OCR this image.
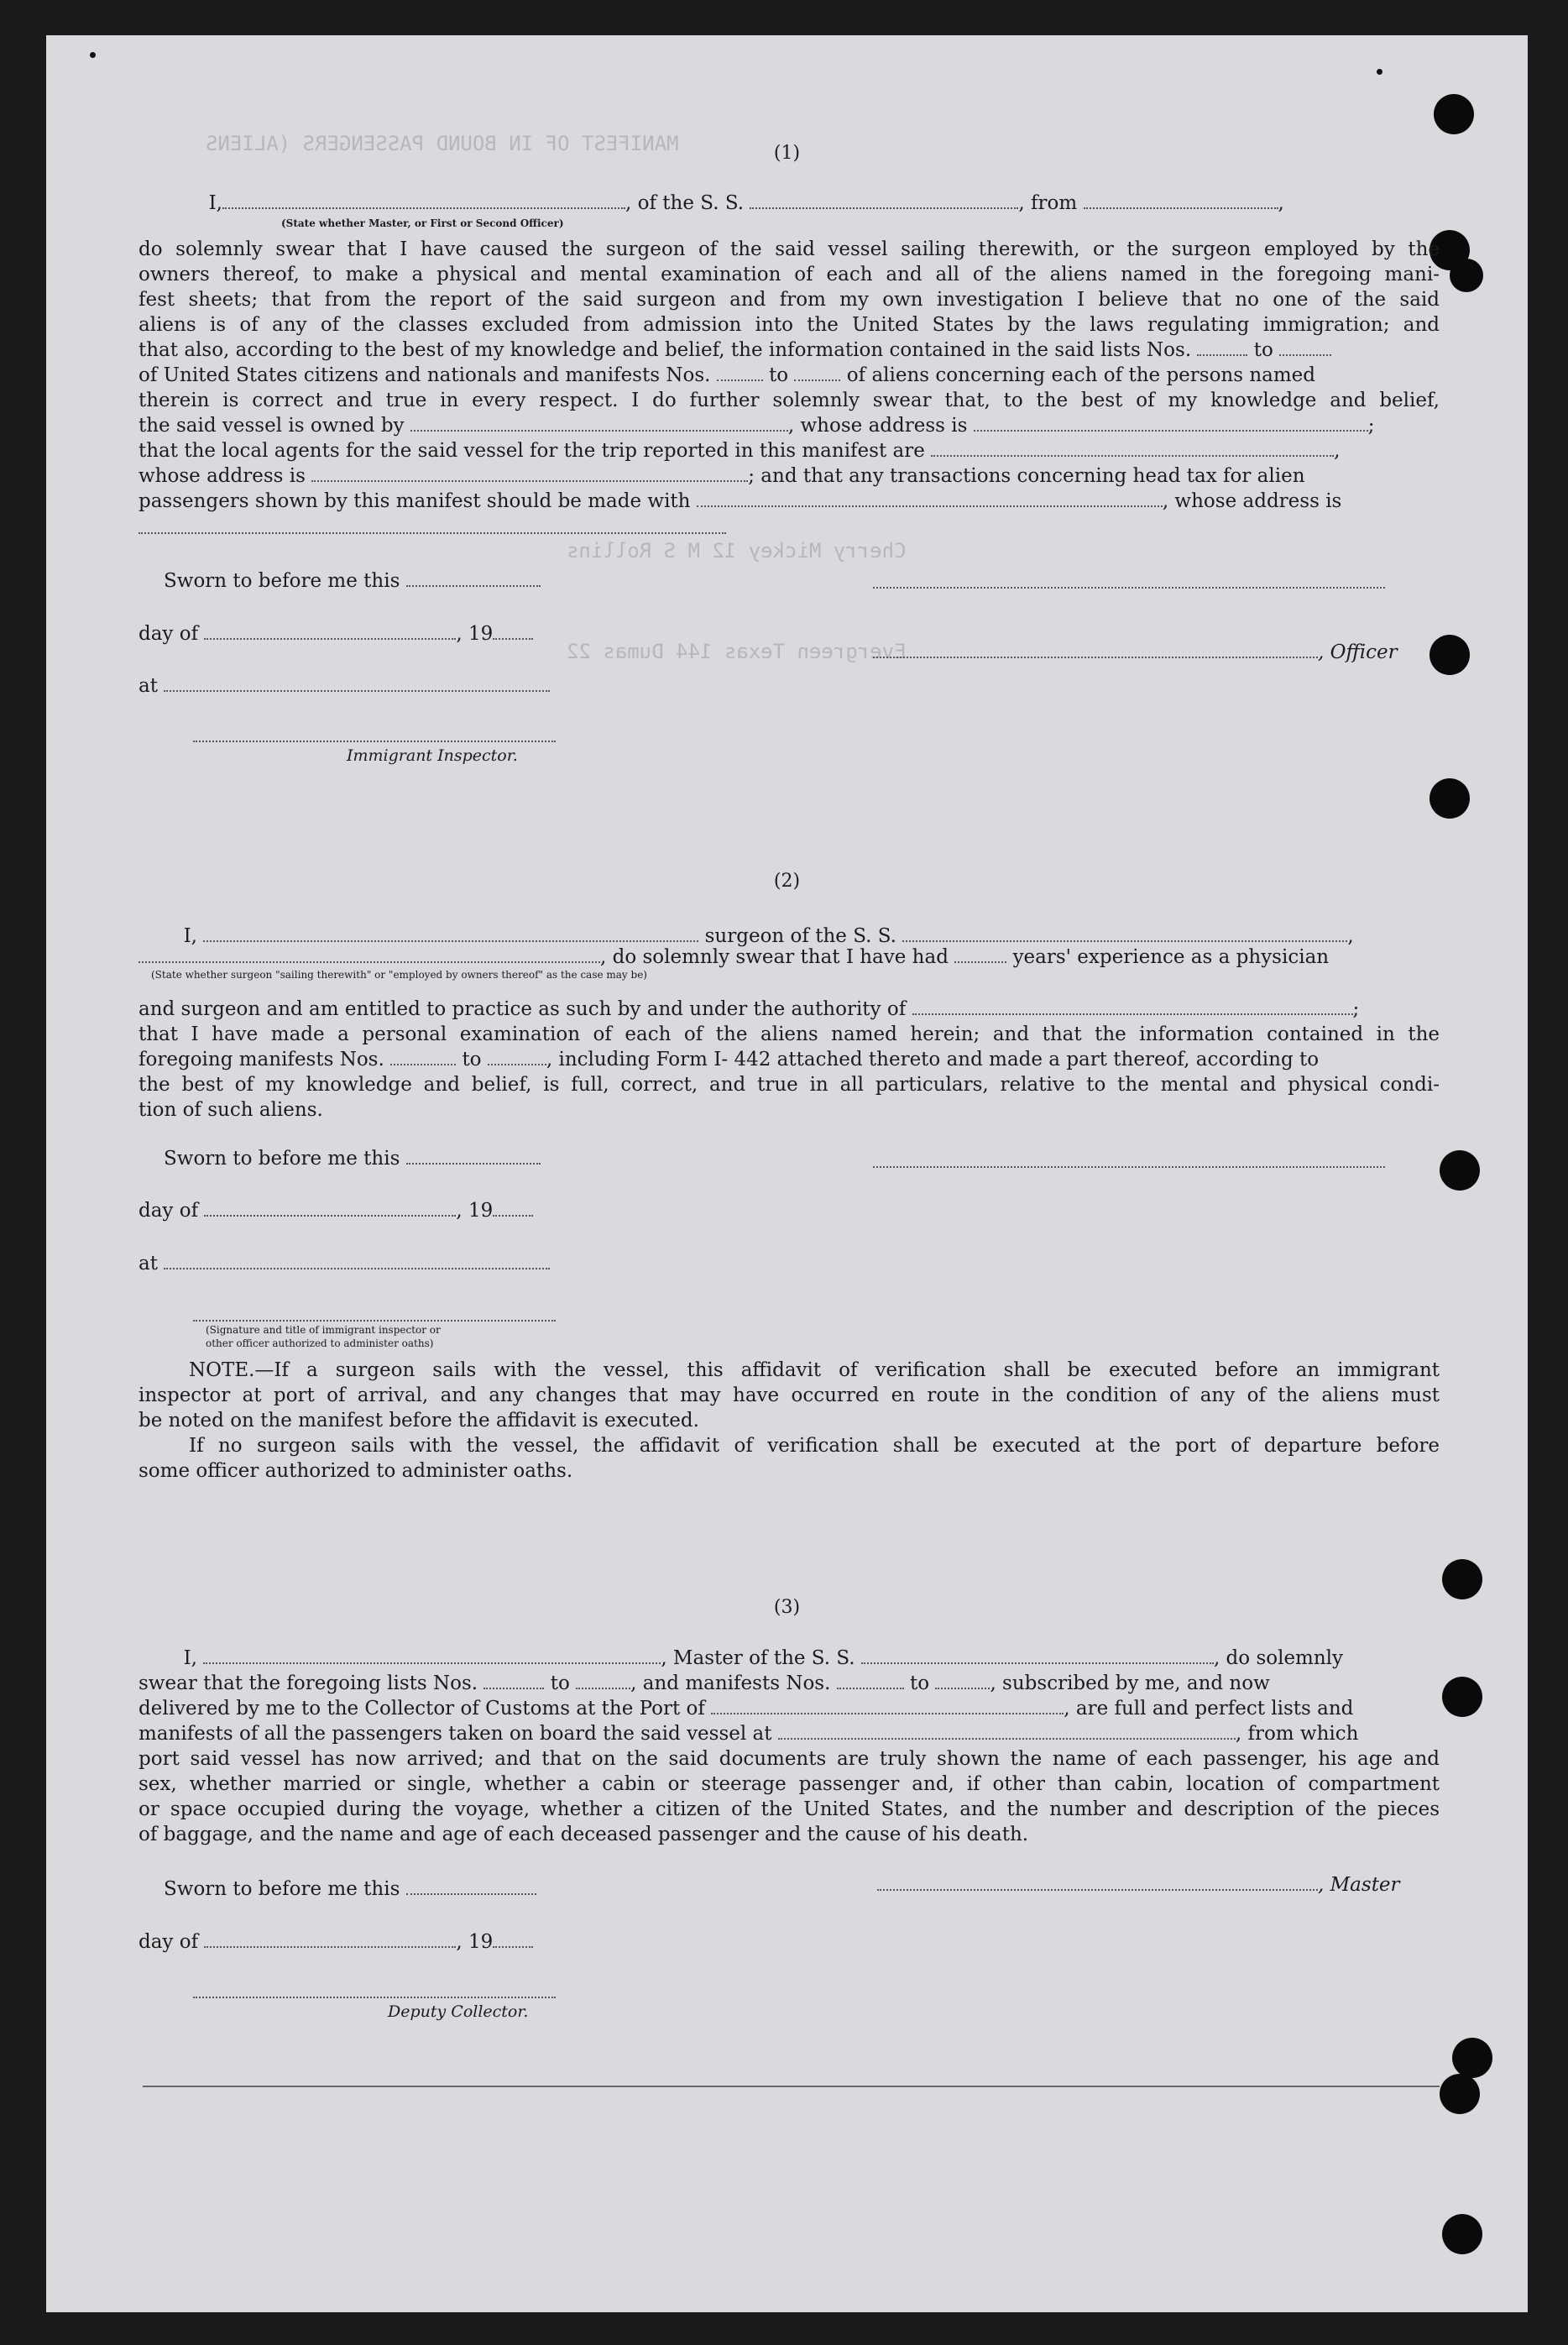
MANIFEST OF IN BOUND PASSENGERS (ALIENS
Cherry Mickey 12 M S Rollins
Evergreen Texas 144 Dumas 22
(1)
I,	, of the S. S.	, from	,
(State whether Master, or First or Second Officer)
do solemnly swear that I have caused the surgeon of the said vessel sailing therewith, or the surgeon employed by the
owners thereof, to make a physical and mental examination of each and all of the aliens named in the foregoing mani-
fest sheets; that from the report of the said surgeon and from my own investigation I believe that no one of the said
aliens is of any of the classes excluded from admission into the United States by the laws regulating immigration; and
that also, according to the best of my knowledge and belief, the information contained in the said lists Nos.	to
of United States citizens and nationals and manifests Nos.	to	of aliens concerning each of the persons named
therein is correct and true in every respect. I do further solemnly swear that, to the best of my knowledge and belief,
the said vessel is owned by	, whose address is	;
that the local agents for the said vessel for the trip reported in this manifest are	,
whose address is	; and that any transactions concerning head tax for alien
passengers shown by this manifest should be made with	, whose address is
Sworn to before me this
day of	, 19
, Officer
at
Immigrant Inspector.
(2)
I,	surgeon of the S. S.	,
, do solemnly swear that I have had	years' experience as a physician
(State whether surgeon "sailing therewith" or "employed by owners thereof" as the case may be)
and surgeon and am entitled to practice as such by and under the authority of	;
that I have made a personal examination of each of the aliens named herein; and that the information contained in the
foregoing manifests Nos.	to	, including Form I- 442 attached thereto and made a part thereof, according to
the best of my knowledge and belief, is full, correct, and true in all particulars, relative to the mental and physical condi-
tion of such aliens.
Sworn to before me this
day of	, 19
at
(Signature and title of immigrant inspector or
other officer authorized to administer oaths)
NOTE.—If a surgeon sails with the vessel, this affidavit of verification shall be executed before an immigrant
inspector at port of arrival, and any changes that may have occurred en route in the condition of any of the aliens must
be noted on the manifest before the affidavit is executed.
If no surgeon sails with the vessel, the affidavit of verification shall be executed at the port of departure before
some officer authorized to administer oaths.
(3)
I,	, Master of the S. S.	, do solemnly
swear that the foregoing lists Nos.	to	, and manifests Nos.	to	, subscribed by me, and now
delivered by me to the Collector of Customs at the Port of	, are full and perfect lists and
manifests of all the passengers taken on board the said vessel at	, from which
port said vessel has now arrived; and that on the said documents are truly shown the name of each passenger, his age and
sex, whether married or single, whether a cabin or steerage passenger and, if other than cabin, location of compartment
or space occupied during the voyage, whether a citizen of the United States, and the number and description of the pieces
of baggage, and the name and age of each deceased passenger and the cause of his death.
Sworn to before me this	, Master
day of	, 19
Deputy Collector.
